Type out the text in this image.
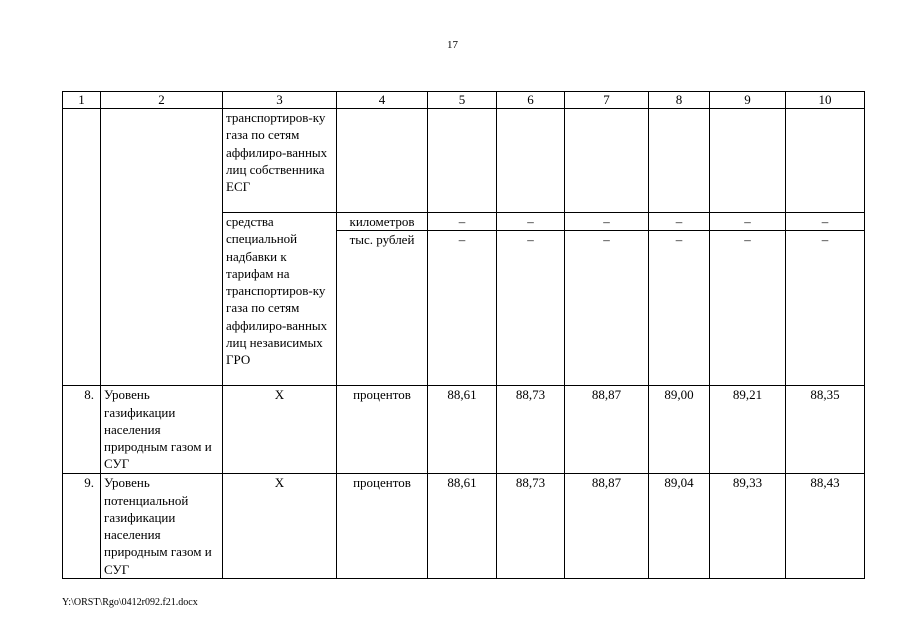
17
1	2	3	4	5	6	7	8	9	10
		транспортиров-ку газа по сетям аффилиро-ванных лиц собственника ЕСГ							
		средства специальной надбавки к тарифам на транспортиров-ку газа по сетям аффилиро-ванных лиц независимых ГРО	километров	–	–	–	–	–	–
			тыс. рублей	–	–	–	–	–	–
8.	Уровень газификации населения природным газом и СУГ	Х	процентов	88,61	88,73	88,87	89,00	89,21	88,35
9.	Уровень потенциальной газификации населения природным газом и СУГ	Х	процентов	88,61	88,73	88,87	89,04	89,33	88,43
Y:\ORST\Rgo\0412r092.f21.docx
